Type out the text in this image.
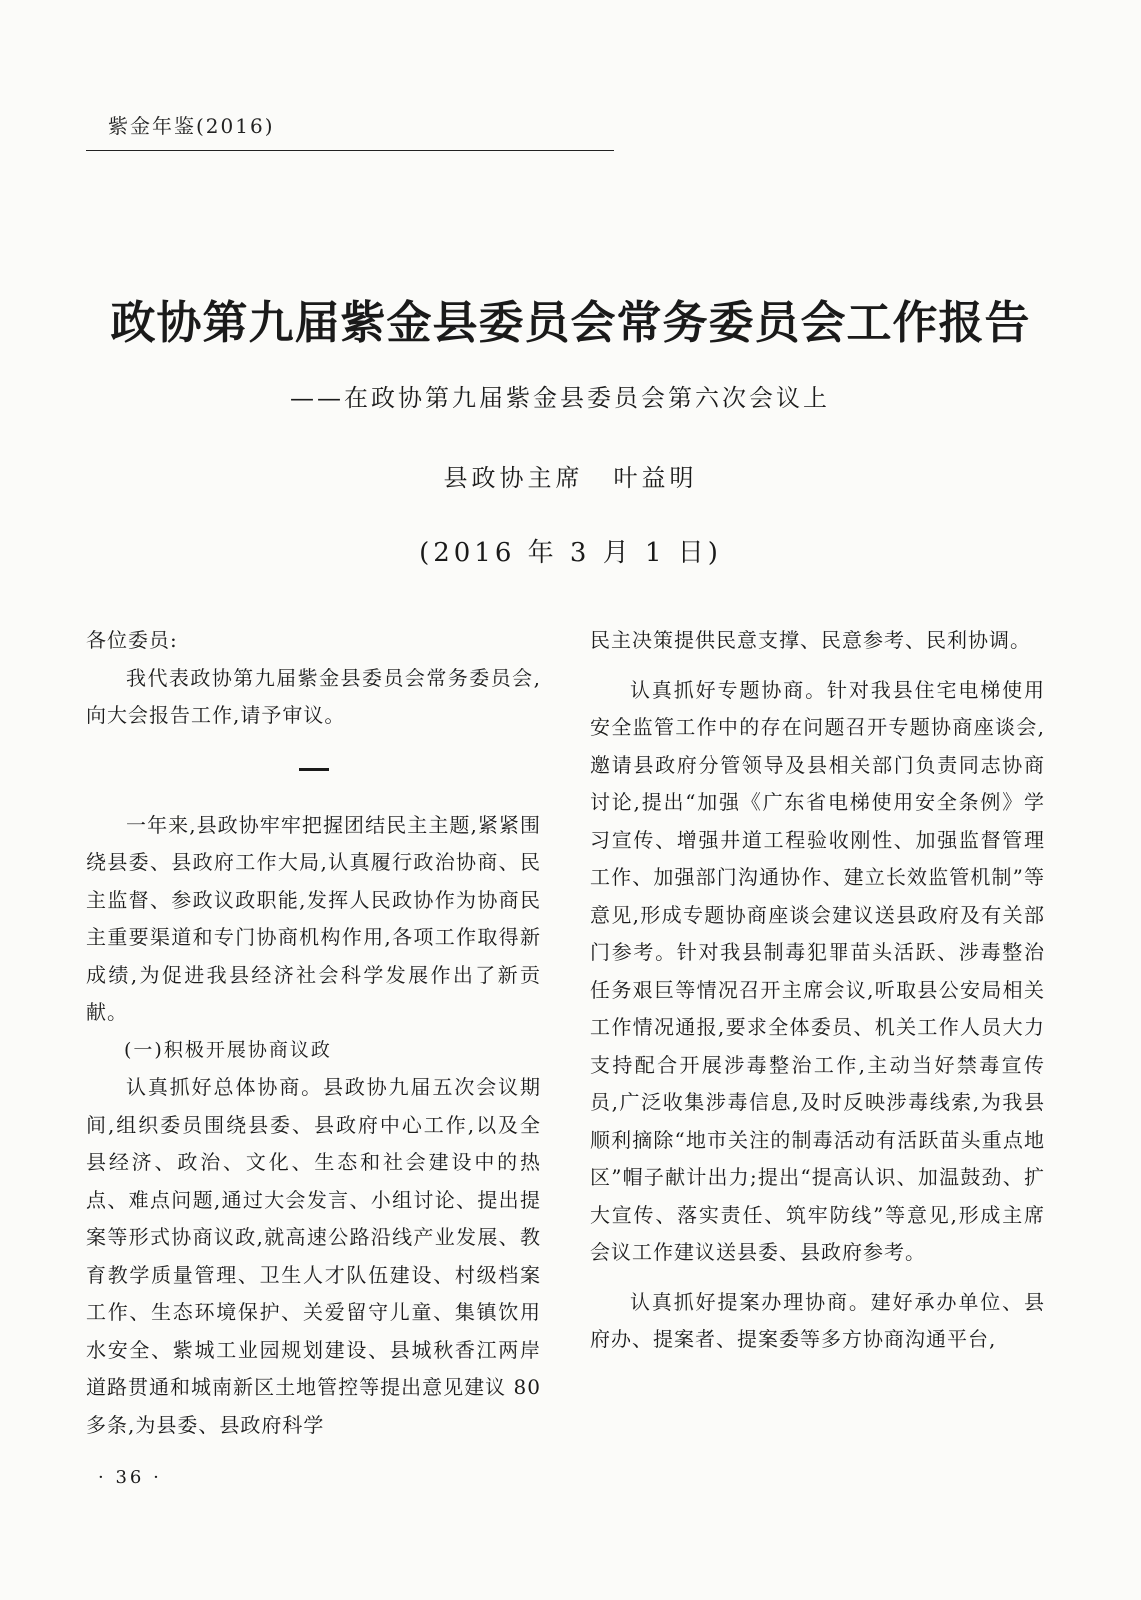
紫金年鉴(2016)
政协第九届紫金县委员会常务委员会工作报告
——在政协第九届紫金县委员会第六次会议上
县政协主席 叶益明
(2016 年 3 月 1 日)

各位委员:

我代表政协第九届紫金县委员会常务委员会,向大会报告工作,请予审议。

一年来,县政协牢牢把握团结民主主题,紧紧围绕县委、县政府工作大局,认真履行政治协商、民主监督、参政议政职能,发挥人民政协作为协商民主重要渠道和专门协商机构作用,各项工作取得新成绩,为促进我县经济社会科学发展作出了新贡献。

(一)积极开展协商议政

认真抓好总体协商。县政协九届五次会议期间,组织委员围绕县委、县政府中心工作,以及全县经济、政治、文化、生态和社会建设中的热点、难点问题,通过大会发言、小组讨论、提出提案等形式协商议政,就高速公路沿线产业发展、教育教学质量管理、卫生人才队伍建设、村级档案工作、生态环境保护、关爱留守儿童、集镇饮用水安全、紫城工业园规划建设、县城秋香江两岸道路贯通和城南新区土地管控等提出意见建议 80 多条,为县委、县政府科学

民主决策提供民意支撑、民意参考、民利协调。

认真抓好专题协商。针对我县住宅电梯使用安全监管工作中的存在问题召开专题协商座谈会,邀请县政府分管领导及县相关部门负责同志协商讨论,提出“加强《广东省电梯使用安全条例》学习宣传、增强井道工程验收刚性、加强监督管理工作、加强部门沟通协作、建立长效监管机制”等意见,形成专题协商座谈会建议送县政府及有关部门参考。针对我县制毒犯罪苗头活跃、涉毒整治任务艰巨等情况召开主席会议,听取县公安局相关工作情况通报,要求全体委员、机关工作人员大力支持配合开展涉毒整治工作,主动当好禁毒宣传员,广泛收集涉毒信息,及时反映涉毒线索,为我县顺利摘除“地市关注的制毒活动有活跃苗头重点地区”帽子献计出力;提出“提高认识、加温鼓劲、扩大宣传、落实责任、筑牢防线”等意见,形成主席会议工作建议送县委、县政府参考。

认真抓好提案办理协商。建好承办单位、县府办、提案者、提案委等多方协商沟通平台,

· 36 ·
